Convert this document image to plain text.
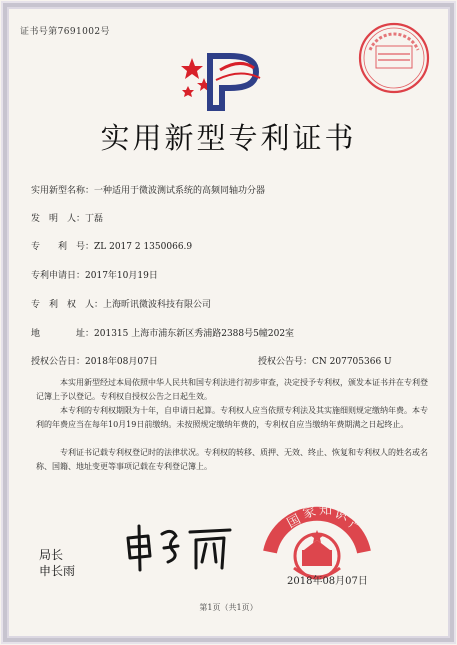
证书号第7691002号
实用新型专利证书
实用新型名称：一种适用于微波测试系统的高频同轴功分器
发　明　人：丁磊
专　　利　号：ZL 2017 2 1350066.9
专利申请日：2017年10月19日
专　利　权　人：上海昕讯微波科技有限公司
地　　　　址：201315 上海市浦东新区秀浦路2388号5幢202室
授权公告日：2018年08月07日	授权公告号：CN 207705366 U
本实用新型经过本局依照中华人民共和国专利法进行初步审查，决定授予专利权，颁发本证书并在专利登记簿上予以登记。专利权自授权公告之日起生效。
本专利的专利权期限为十年，自申请日起算。专利权人应当依照专利法及其实施细则规定缴纳年费。本专利的年费应当在每年10月19日前缴纳。未按照规定缴纳年费的，专利权自应当缴纳年费期满之日起终止。
专利证书记载专利权登记时的法律状况。专利权的转移、质押、无效、终止、恢复和专利权人的姓名或名称、国籍、地址变更等事项记载在专利登记簿上。
局长
申长雨
国
家 知 识
产
2018年08月07日
第1页（共1页）
